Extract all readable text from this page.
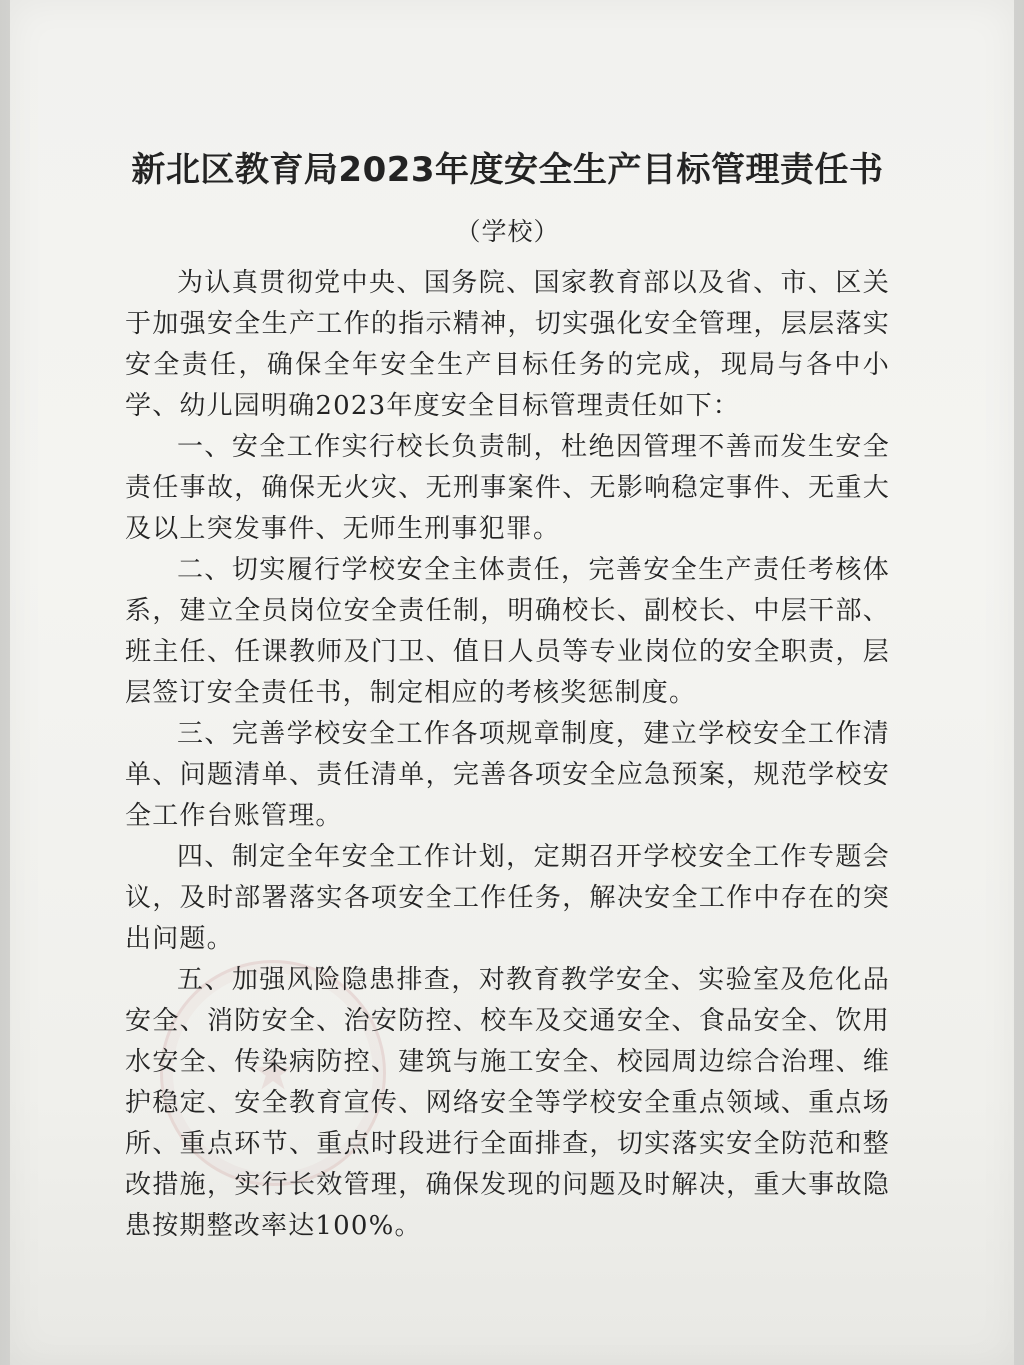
新北区教育局2023年度安全生产目标管理责任书
（学校）

为认真贯彻党中央、国务院、国家教育部以及省、市、区关于加强安全生产工作的指示精神，切实强化安全管理，层层落实安全责任，确保全年安全生产目标任务的完成，现局与各中小学、幼儿园明确2023年度安全目标管理责任如下：

一、安全工作实行校长负责制，杜绝因管理不善而发生安全责任事故，确保无火灾、无刑事案件、无影响稳定事件、无重大及以上突发事件、无师生刑事犯罪。

二、切实履行学校安全主体责任，完善安全生产责任考核体系，建立全员岗位安全责任制，明确校长、副校长、中层干部、班主任、任课教师及门卫、值日人员等专业岗位的安全职责，层层签订安全责任书，制定相应的考核奖惩制度。

三、完善学校安全工作各项规章制度，建立学校安全工作清单、问题清单、责任清单，完善各项安全应急预案，规范学校安全工作台账管理。

四、制定全年安全工作计划，定期召开学校安全工作专题会议，及时部署落实各项安全工作任务，解决安全工作中存在的突出问题。

五、加强风险隐患排查，对教育教学安全、实验室及危化品安全、消防安全、治安防控、校车及交通安全、食品安全、饮用水安全、传染病防控、建筑与施工安全、校园周边综合治理、维护稳定、安全教育宣传、网络安全等学校安全重点领域、重点场所、重点环节、重点时段进行全面排查，切实落实安全防范和整改措施，实行长效管理，确保发现的问题及时解决，重大事故隐患按期整改率达100%。
